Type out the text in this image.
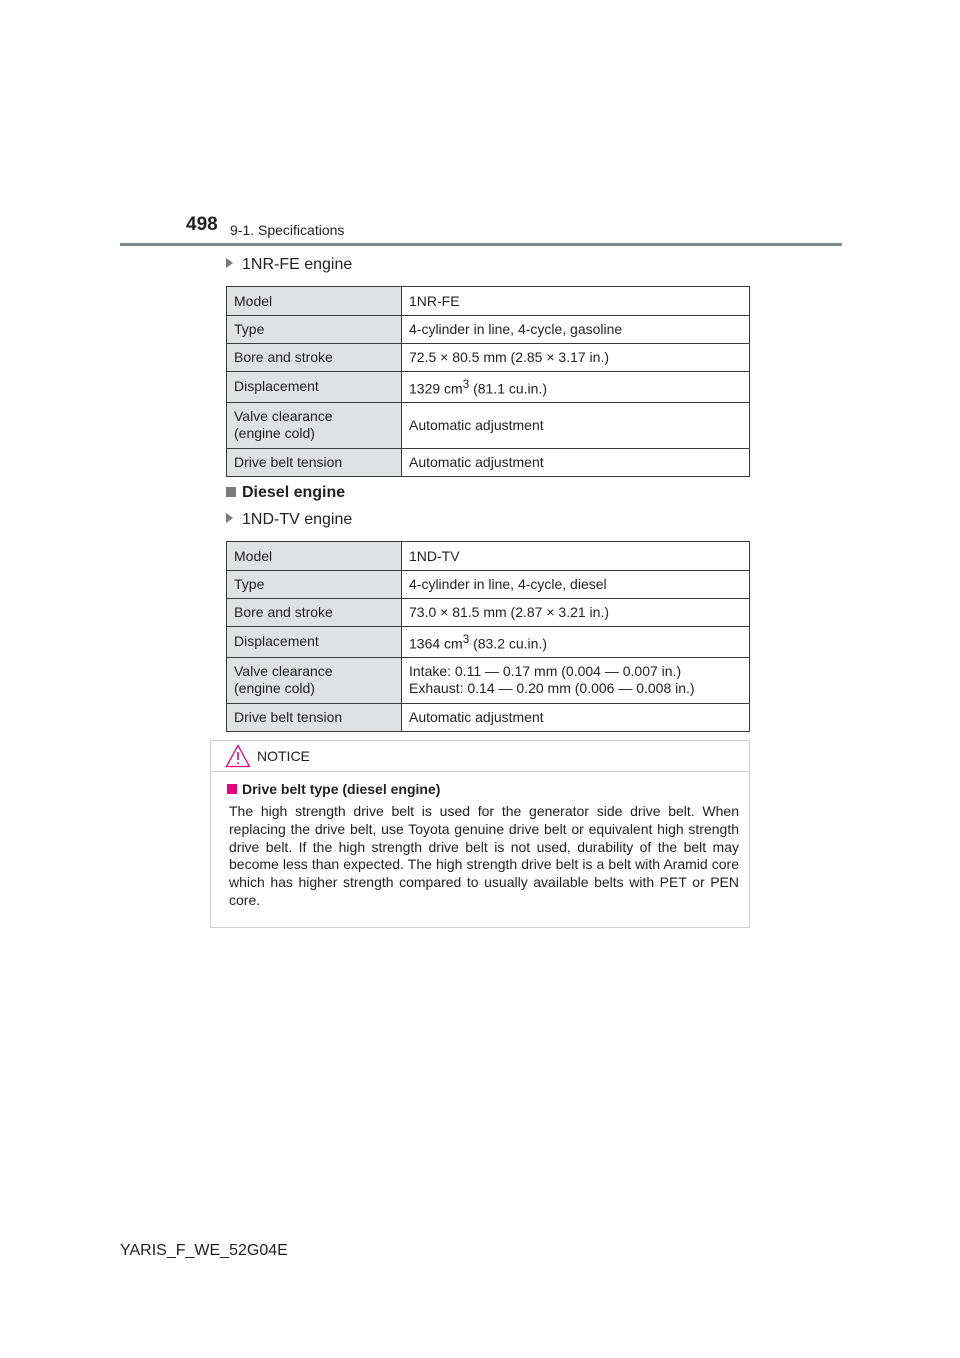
498 9-1. Specifications
1NR-FE engine
Model	1NR-FE
Type	4-cylinder in line, 4-cycle, gasoline
Bore and stroke	72.5 × 80.5 mm (2.85 × 3.17 in.)
Displacement	1329 $cm^3$ (81.1 cu.in.)
Valve clearance
(engine cold)	Automatic adjustment
Drive belt tension	Automatic adjustment
Diesel engine
1ND-TV engine
Model	1ND-TV
Type	4-cylinder in line, 4-cycle, diesel
Bore and stroke	73.0 × 81.5 mm (2.87 × 3.21 in.)
Displacement	1364 $cm^3$ (83.2 cu.in.)
Valve clearance
(engine cold)	Intake: 0.11 — 0.17 mm (0.004 — 0.007 in.)
Exhaust: 0.14 — 0.20 mm (0.006 — 0.008 in.)
Drive belt tension	Automatic adjustment
NOTICE
Drive belt type (diesel engine)
The high strength drive belt is used for the generator side drive belt. When replacing the drive belt, use Toyota genuine drive belt or equivalent high strength drive belt. If the high strength drive belt is not used, durability of the belt may become less than expected. The high strength drive belt is a belt with Aramid core which has higher strength compared to usually available belts with PET or PEN core.
YARIS_F_WE_52G04E
